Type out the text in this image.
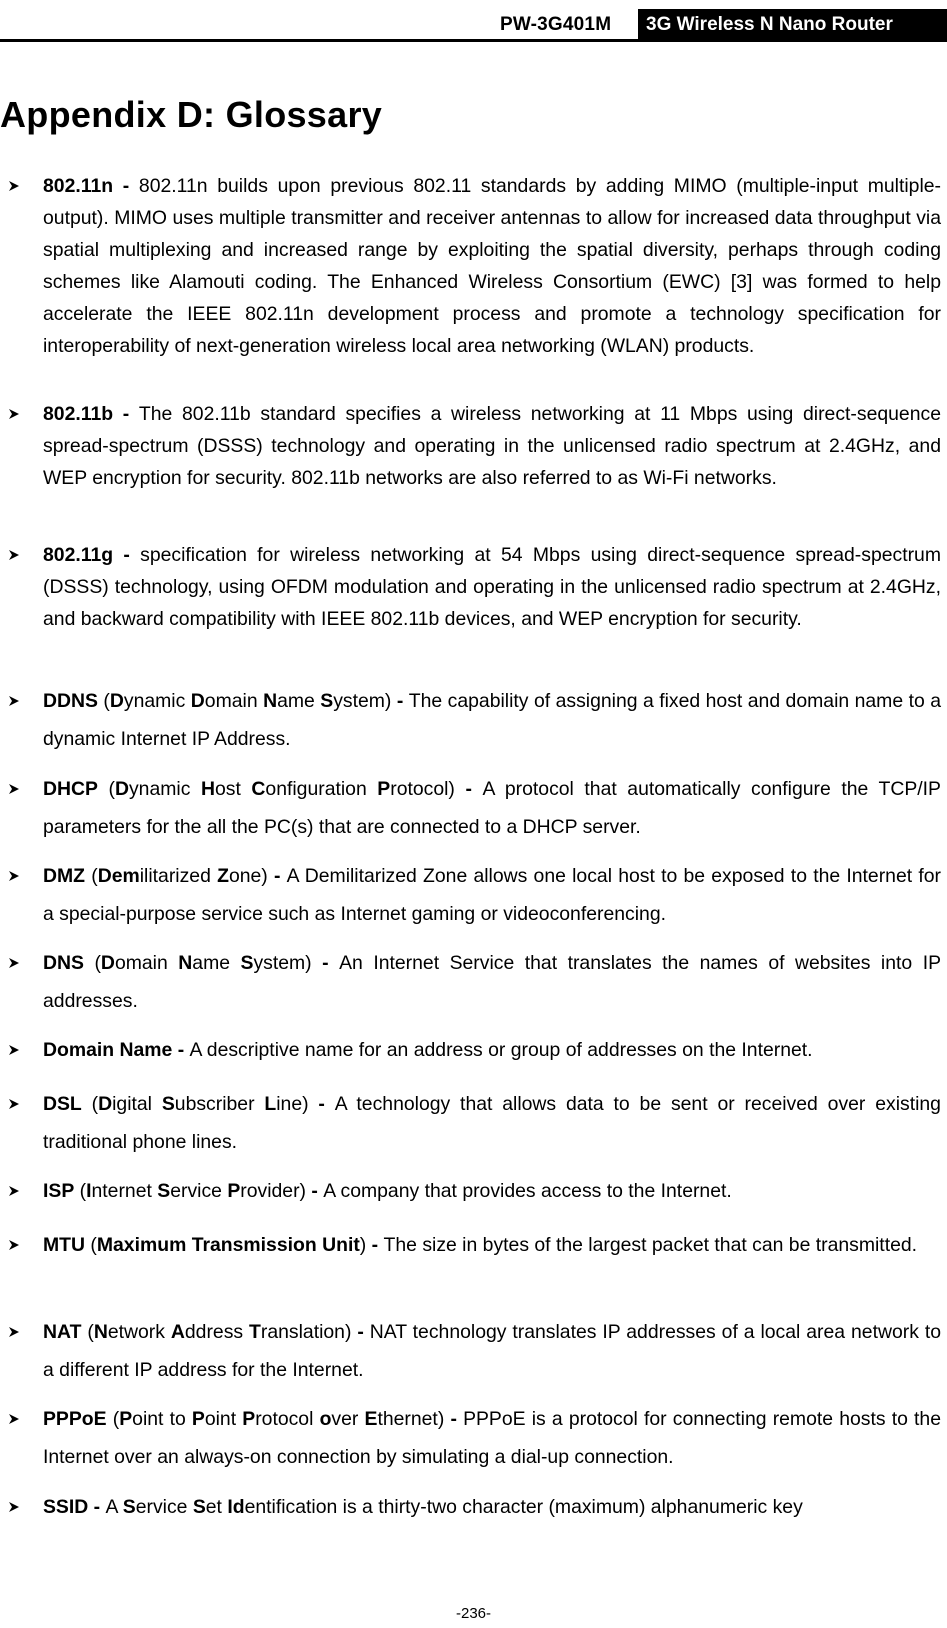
PW-3G401M	3G Wireless N Nano Router
Appendix D: Glossary
802.11n - 802.11n builds upon previous 802.11 standards by adding MIMO (multiple-input multiple-output). MIMO uses multiple transmitter and receiver antennas to allow for increased data throughput via spatial multiplexing and increased range by exploiting the spatial diversity, perhaps through coding schemes like Alamouti coding. The Enhanced Wireless Consortium (EWC) [3] was formed to help accelerate the IEEE 802.11n development process and promote a technology specification for interoperability of next-generation wireless local area networking (WLAN) products.
802.11b - The 802.11b standard specifies a wireless networking at 11 Mbps using direct-sequence spread-spectrum (DSSS) technology and operating in the unlicensed radio spectrum at 2.4GHz, and WEP encryption for security. 802.11b networks are also referred to as Wi-Fi networks.
802.11g - specification for wireless networking at 54 Mbps using direct-sequence spread-spectrum (DSSS) technology, using OFDM modulation and operating in the unlicensed radio spectrum at 2.4GHz, and backward compatibility with IEEE 802.11b devices, and WEP encryption for security.
DDNS (Dynamic Domain Name System) - The capability of assigning a fixed host and domain name to a dynamic Internet IP Address.
DHCP (Dynamic Host Configuration Protocol) - A protocol that automatically configure the TCP/IP parameters for the all the PC(s) that are connected to a DHCP server.
DMZ (Demilitarized Zone) - A Demilitarized Zone allows one local host to be exposed to the Internet for a special-purpose service such as Internet gaming or videoconferencing.
DNS (Domain Name System) - An Internet Service that translates the names of websites into IP addresses.
Domain Name - A descriptive name for an address or group of addresses on the Internet.
DSL (Digital Subscriber Line) - A technology that allows data to be sent or received over existing traditional phone lines.
ISP (Internet Service Provider) - A company that provides access to the Internet.
MTU (Maximum Transmission Unit) - The size in bytes of the largest packet that can be transmitted.
NAT (Network Address Translation) - NAT technology translates IP addresses of a local area network to a different IP address for the Internet.
PPPoE (Point to Point Protocol over Ethernet) - PPPoE is a protocol for connecting remote hosts to the Internet over an always-on connection by simulating a dial-up connection.
SSID - A Service Set Identification is a thirty-two character (maximum) alphanumeric key
-236-
